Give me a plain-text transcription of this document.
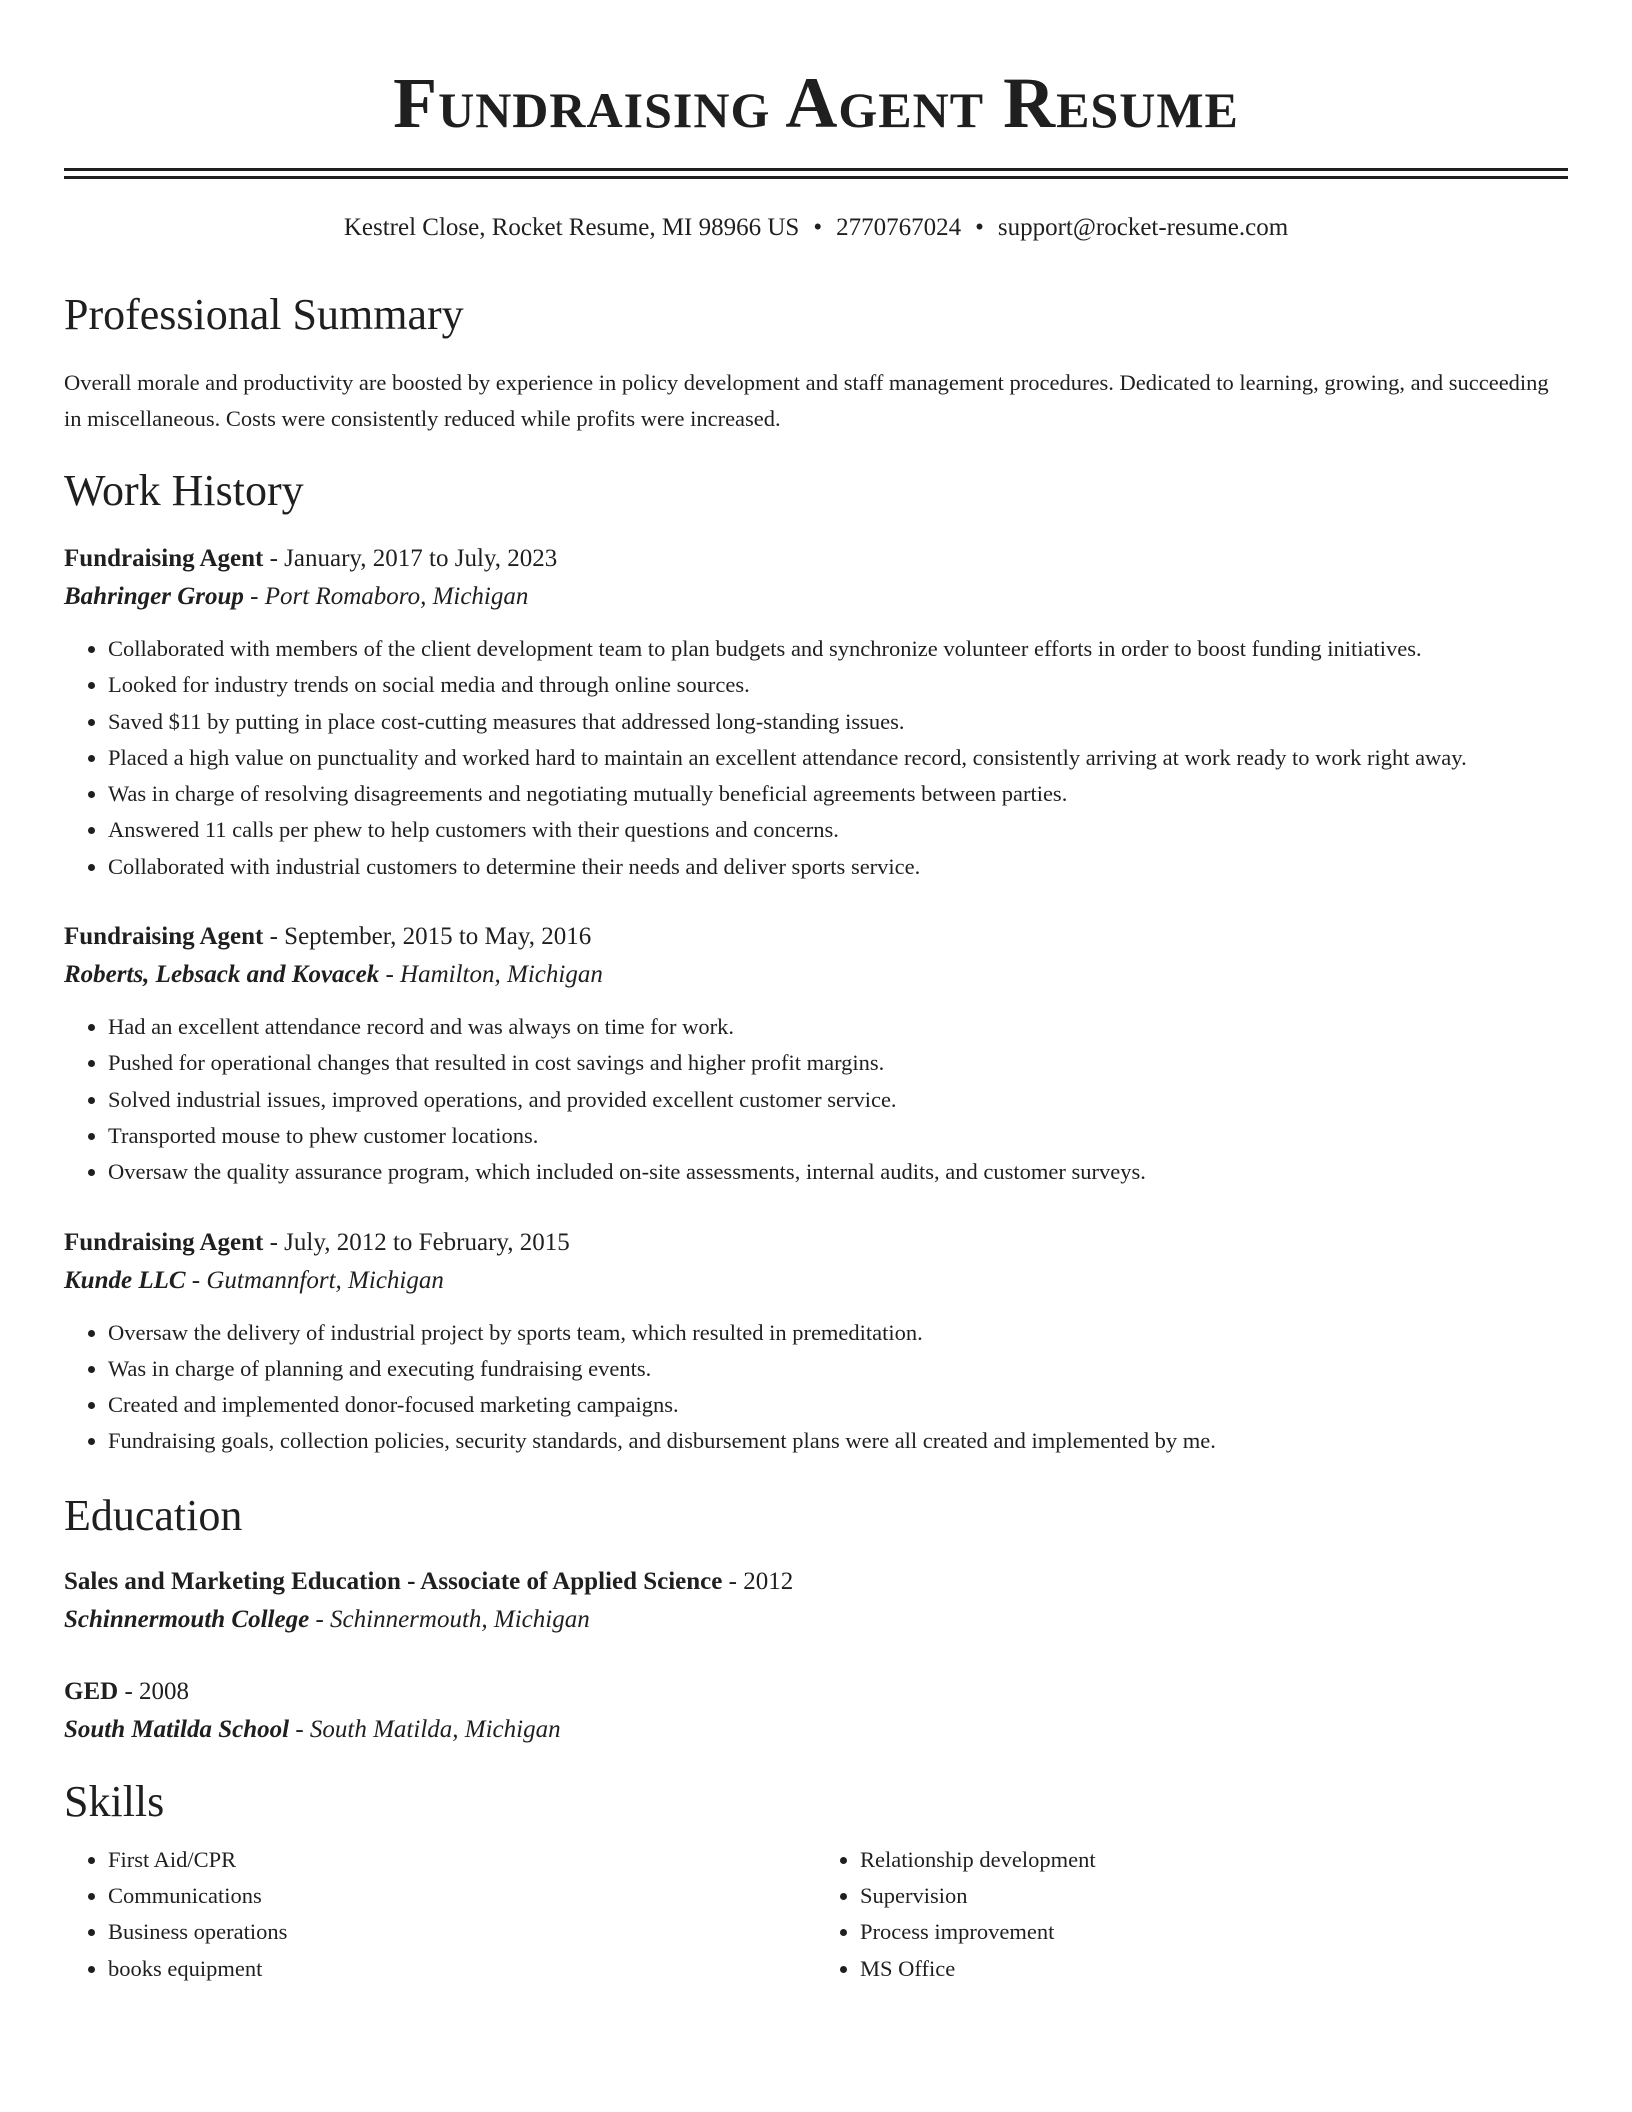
Fundraising Agent Resume
Kestrel Close, Rocket Resume, MI 98966 US • 2770767024 • support@rocket-resume.com
Professional Summary

Overall morale and productivity are boosted by experience in policy development and staff management procedures. Dedicated to learning, growing, and succeeding in miscellaneous. Costs were consistently reduced while profits were increased.

Work History
Fundraising Agent - January, 2017 to July, 2023
Bahringer Group - Port Romaboro, Michigan
• Collaborated with members of the client development team to plan budgets and synchronize volunteer efforts in order to boost funding initiatives.
• Looked for industry trends on social media and through online sources.
• Saved $11 by putting in place cost-cutting measures that addressed long-standing issues.
• Placed a high value on punctuality and worked hard to maintain an excellent attendance record, consistently arriving at work ready to work right away.
• Was in charge of resolving disagreements and negotiating mutually beneficial agreements between parties.
• Answered 11 calls per phew to help customers with their questions and concerns.
• Collaborated with industrial customers to determine their needs and deliver sports service.
Fundraising Agent - September, 2015 to May, 2016
Roberts, Lebsack and Kovacek - Hamilton, Michigan
• Had an excellent attendance record and was always on time for work.
• Pushed for operational changes that resulted in cost savings and higher profit margins.
• Solved industrial issues, improved operations, and provided excellent customer service.
• Transported mouse to phew customer locations.
• Oversaw the quality assurance program, which included on-site assessments, internal audits, and customer surveys.
Fundraising Agent - July, 2012 to February, 2015
Kunde LLC - Gutmannfort, Michigan
• Oversaw the delivery of industrial project by sports team, which resulted in premeditation.
• Was in charge of planning and executing fundraising events.
• Created and implemented donor-focused marketing campaigns.
• Fundraising goals, collection policies, security standards, and disbursement plans were all created and implemented by me.
Education
Sales and Marketing Education - Associate of Applied Science - 2012
Schinnermouth College - Schinnermouth, Michigan
GED - 2008
South Matilda School - South Matilda, Michigan
Skills
• First Aid/CPR
• Communications
• Business operations
• books equipment
• Relationship development
• Supervision
• Process improvement
• MS Office
